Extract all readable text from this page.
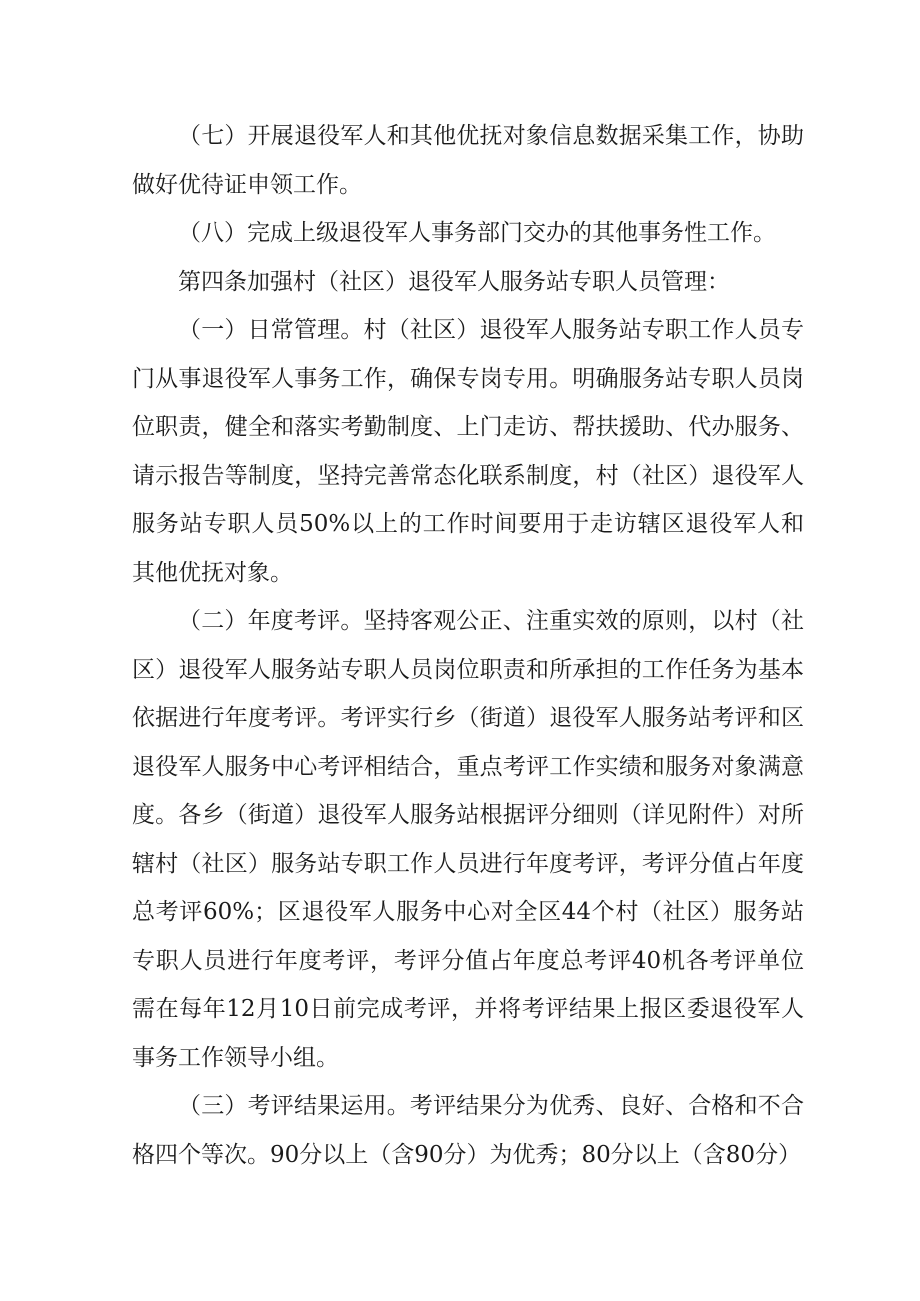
（七）开展退役军人和其他优抚对象信息数据采集工作，协助做好优待证申领工作。

（八）完成上级退役军人事务部门交办的其他事务性工作。

第四条加强村（社区）退役军人服务站专职人员管理：

（一）日常管理。村（社区）退役军人服务站专职工作人员专门从事退役军人事务工作，确保专岗专用。明确服务站专职人员岗位职责，健全和落实考勤制度、上门走访、帮扶援助、代办服务、请示报告等制度，坚持完善常态化联系制度，村（社区）退役军人服务站专职人员50%以上的工作时间要用于走访辖区退役军人和其他优抚对象。

（二）年度考评。坚持客观公正、注重实效的原则，以村（社区）退役军人服务站专职人员岗位职责和所承担的工作任务为基本依据进行年度考评。考评实行乡（街道）退役军人服务站考评和区退役军人服务中心考评相结合，重点考评工作实绩和服务对象满意度。各乡（街道）退役军人服务站根据评分细则（详见附件）对所辖村（社区）服务站专职工作人员进行年度考评，考评分值占年度总考评60%；区退役军人服务中心对全区44个村（社区）服务站专职人员进行年度考评，考评分值占年度总考评40机各考评单位需在每年12月10日前完成考评，并将考评结果上报区委退役军人事务工作领导小组。

（三）考评结果运用。考评结果分为优秀、良好、合格和不合格四个等次。90分以上（含90分）为优秀；80分以上（含80分）
